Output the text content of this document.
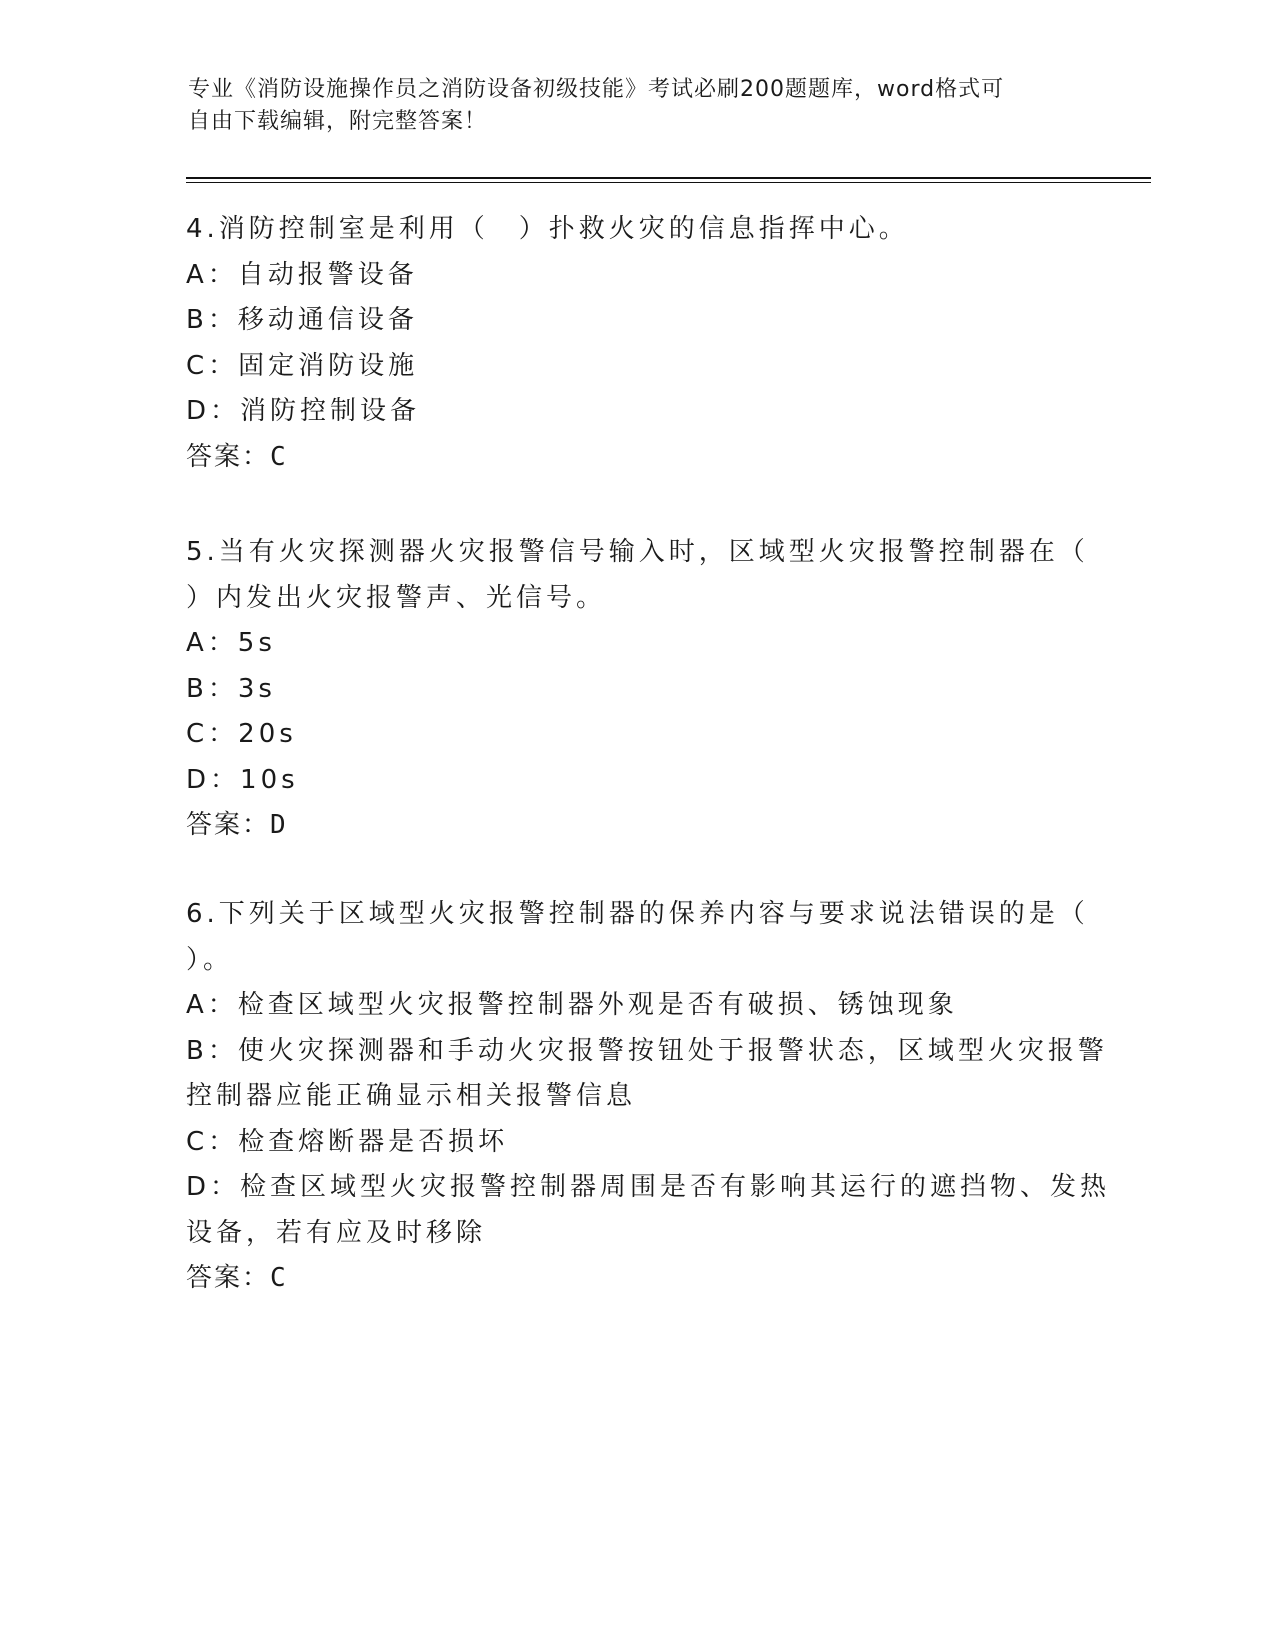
专业《消防设施操作员之消防设备初级技能》考试必刷200题题库，word格式可
自由下载编辑，附完整答案！
4.消防控制室是利用（　）扑救火灾的信息指挥中心。
A：自动报警设备
B：移动通信设备
C：固定消防设施
D：消防控制设备
答案：C
5.当有火灾探测器火灾报警信号输入时，区域型火灾报警控制器在（
）内发出火灾报警声、光信号。
A：5s
B：3s
C：20s
D：10s
答案：D
6.下列关于区域型火灾报警控制器的保养内容与要求说法错误的是（
）。
A：检查区域型火灾报警控制器外观是否有破损、锈蚀现象
B：使火灾探测器和手动火灾报警按钮处于报警状态，区域型火灾报警
控制器应能正确显示相关报警信息
C：检查熔断器是否损坏
D：检查区域型火灾报警控制器周围是否有影响其运行的遮挡物、发热
设备，若有应及时移除
答案：C
